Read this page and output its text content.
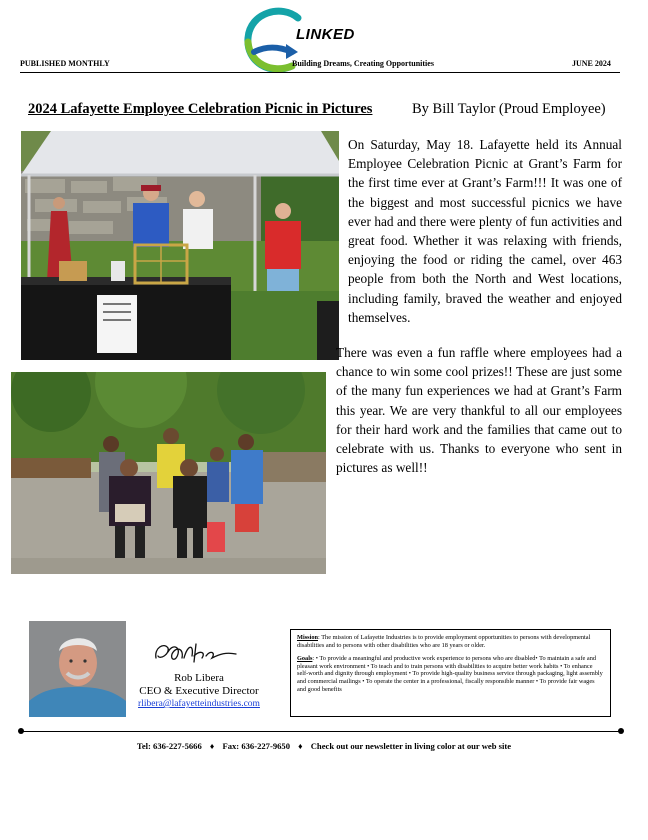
LINKED
PUBLISHED MONTHLY	Building Dreams, Creating Opportunities	JUNE 2024
2024 Lafayette Employee Celebration Picnic in Pictures	By Bill Taylor (Proud Employee)
On Saturday, May 18. Lafayette held its Annual Employee Celebration Picnic at Grant’s Farm for the first time ever at Grant’s Farm!!! It was one of the biggest and most successful picnics we have ever had and there were plenty of fun activities and great food. Whether it was relaxing with friends, enjoying the food or riding the camel, over 463 people from both the North and West locations, including family, braved the weather and enjoyed themselves.
There was even a fun raffle where employees had a chance to win some cool prizes!! These are just some of the many fun experiences we had at Grant’s Farm this year. We are very thankful to all our employees for their hard work and the families that came out to celebrate with us. Thanks to everyone who sent in pictures as well!!
Rob Libera
CEO & Executive Director
rlibera@lafayetteindustries.com

Mission: The mission of Lafayette Industries is to provide employment opportunities to persons with developmental disabilities and to persons with other disabilities who are 18 years or older.

Goals: • To provide a meaningful and productive work experience to persons who are disabled• To maintain a safe and pleasant work environment • To teach and to train persons with disabilities to acquire better work habits • To enhance self-worth and dignity through employment • To provide high-quality business service through packaging, light assembly and commercial mailings • To operate the center in a professional, fiscally responsible manner • To provide fair wages and good benefits

Tel: 636-227-5666 ♦ Fax: 636-227-9650 ♦ Check out our newsletter in living color at our web site
